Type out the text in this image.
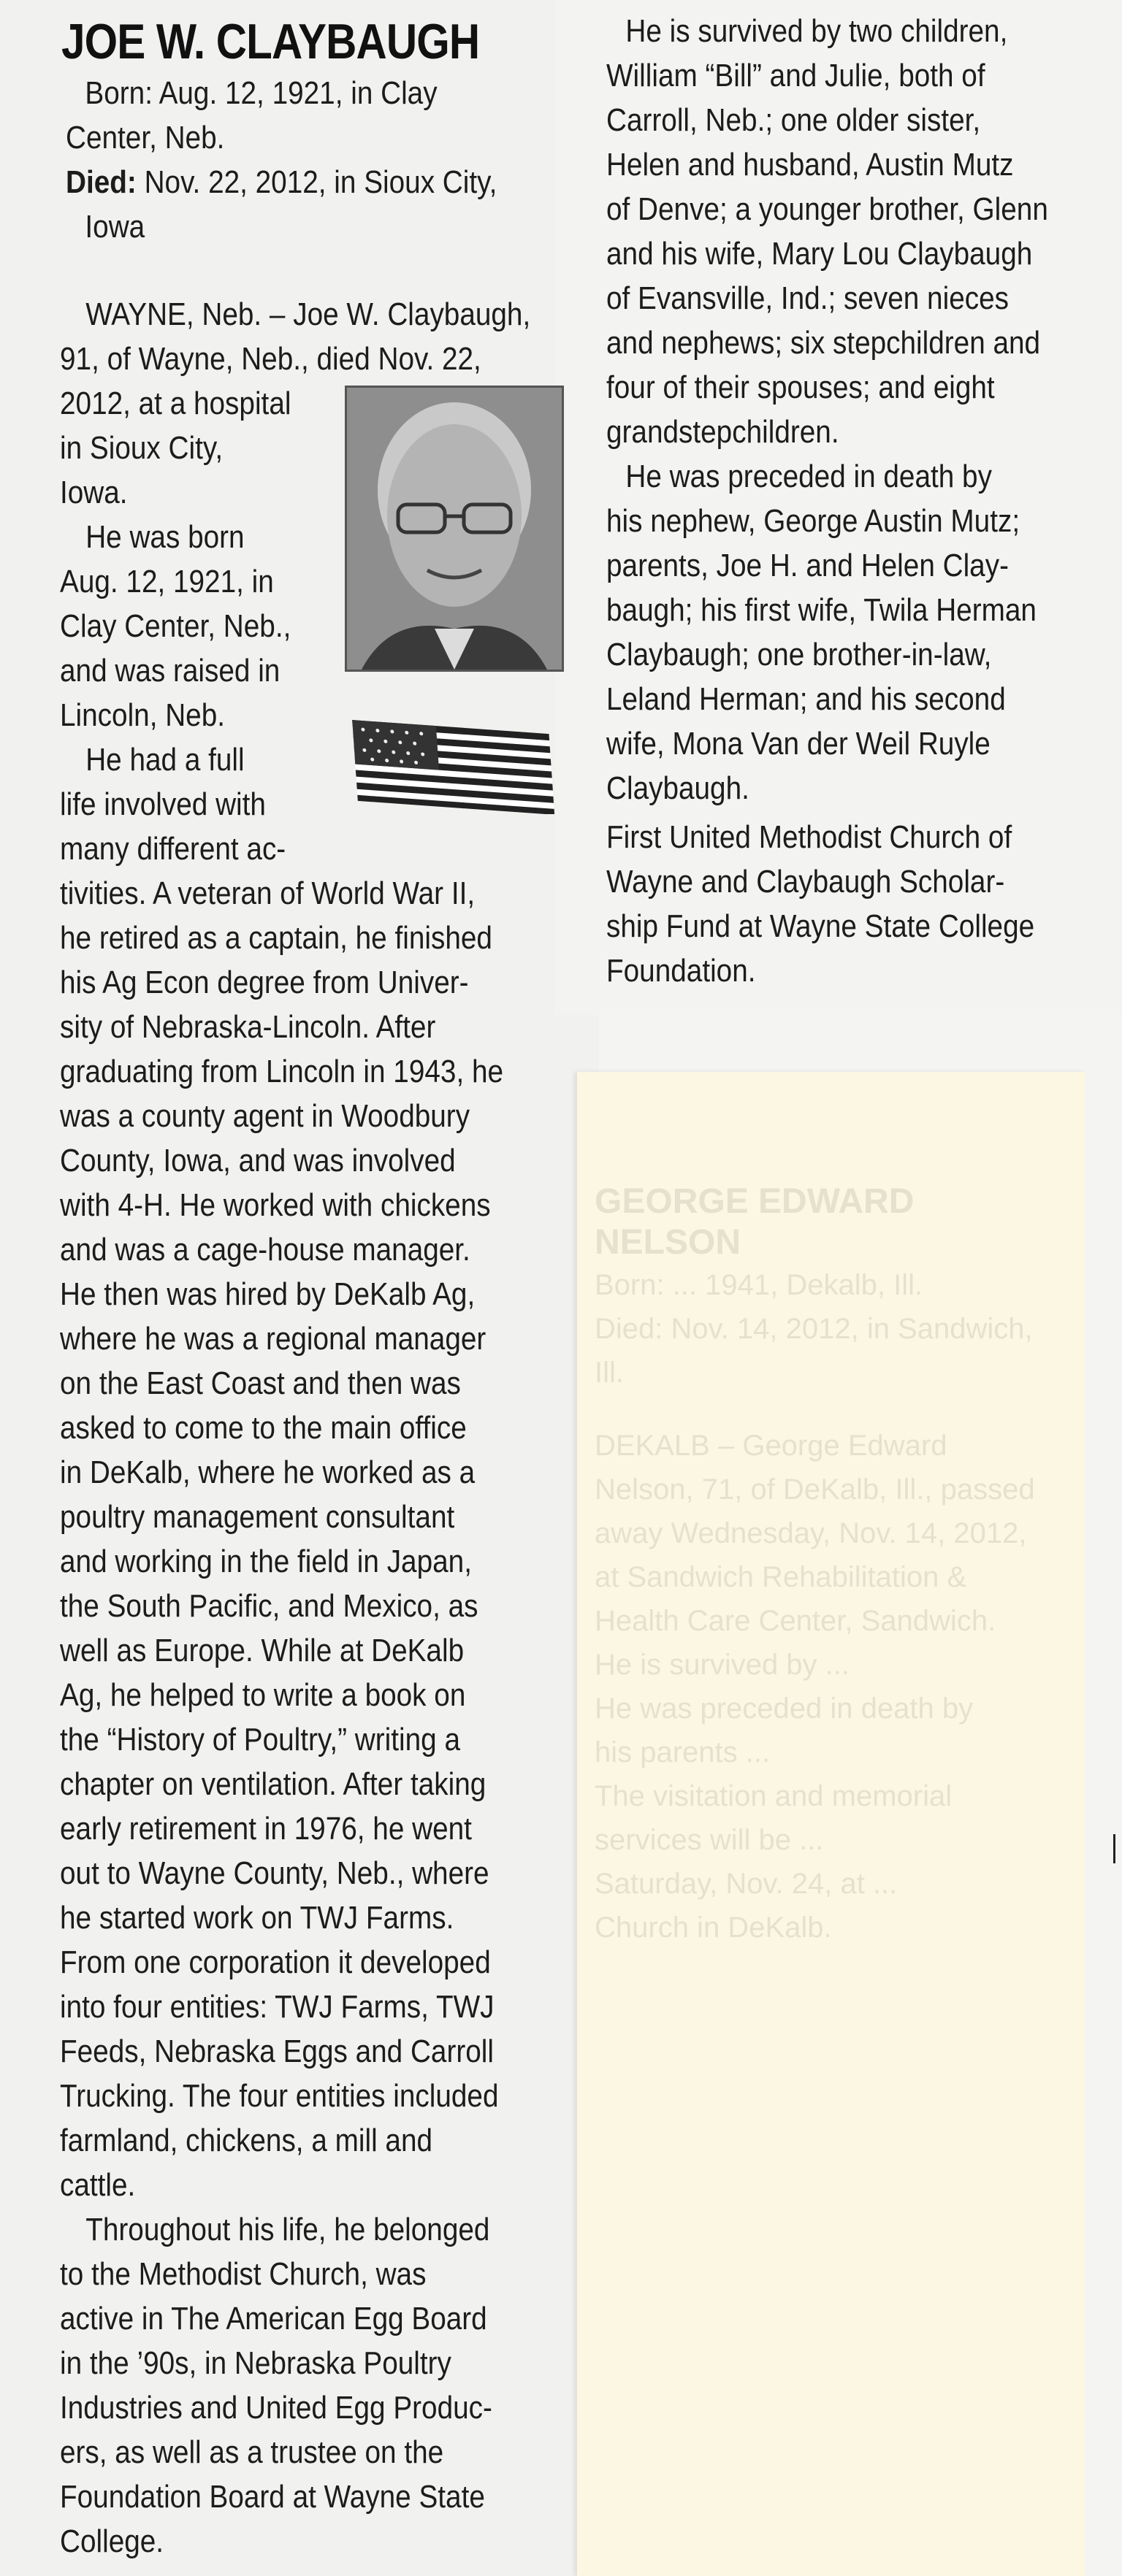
JOE W. CLAYBAUGH
Born: Aug. 12, 1921, in Clay
Center, Neb.
Died: Nov. 22, 2012, in Sioux City,
Iowa
WAYNE, Neb. – Joe W. Claybaugh,
91, of Wayne, Neb., died Nov. 22,
2012, at a hospital
in Sioux City,
Iowa.
He was born
Aug. 12, 1921, in
Clay Center, Neb.,
and was raised in
Lincoln, Neb.
He had a full
life involved with
many different ac-
tivities. A veteran of World War II,
he retired as a captain, he finished
his Ag Econ degree from Univer-
sity of Nebraska-Lincoln. After
graduating from Lincoln in 1943, he
was a county agent in Woodbury
County, Iowa, and was involved
with 4-H. He worked with chickens
and was a cage-house manager.
He then was hired by DeKalb Ag,
where he was a regional manager
on the East Coast and then was
asked to come to the main office
in DeKalb, where he worked as a
poultry management consultant
and working in the field in Japan,
the South Pacific, and Mexico, as
well as Europe. While at DeKalb
Ag, he helped to write a book on
the “History of Poultry,” writing a
chapter on ventilation. After taking
early retirement in 1976, he went
out to Wayne County, Neb., where
he started work on TWJ Farms.
From one corporation it developed
into four entities: TWJ Farms, TWJ
Feeds, Nebraska Eggs and Carroll
Trucking. The four entities included
farmland, chickens, a mill and
cattle.
Throughout his life, he belonged
to the Methodist Church, was
active in The American Egg Board
in the ’90s, in Nebraska Poultry
Industries and United Egg Produc-
ers, as well as a trustee on the
Foundation Board at Wayne State
College.
He is survived by two children,
William “Bill” and Julie, both of
Carroll, Neb.; one older sister,
Helen and husband, Austin Mutz
of Denve; a younger brother, Glenn
and his wife, Mary Lou Claybaugh
of Evansville, Ind.; seven nieces
and nephews; six stepchildren and
four of their spouses; and eight
grandstepchildren.
He was preceded in death by
his nephew, George Austin Mutz;
parents, Joe H. and Helen Clay-
baugh; his first wife, Twila Herman
Claybaugh; one brother-in-law,
Leland Herman; and his second
wife, Mona Van der Weil Ruyle
Claybaugh.
First United Methodist Church of
Wayne and Claybaugh Scholar-
ship Fund at Wayne State College
Foundation.

GEORGE EDWARD

NELSON

Born: ... 1941, Dekalb, Ill.

Died: Nov. 14, 2012, in Sandwich,

Ill.

DEKALB – George Edward

Nelson, 71, of DeKalb, Ill., passed

away Wednesday, Nov. 14, 2012,

at Sandwich Rehabilitation &

Health Care Center, Sandwich.

He is survived by ...

He was preceded in death by

his parents ...

The visitation and memorial

services will be ...

Saturday, Nov. 24, at ...

Church in DeKalb.
